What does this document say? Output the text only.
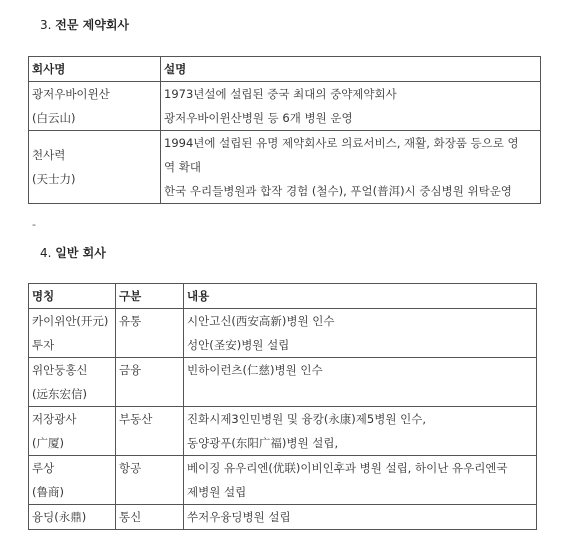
3. 전문 제약회사
회사명	설명

광저우바이윈산
(白云山)	1973년설에 설립된 중국 최대의 중약제약회사
광저우바이윈산병원 등 6개 병원 운영

천사력
(天士力)	1994년에 설립된 유명 제약회사로 의료서비스, 재활, 화장품 등으로 영
역 확대
한국 우리들병원과 합작 경험 (철수), 푸얼(普洱)시 중심병원 위탁운영
-
4. 일반 회사
명칭	구분	내용

카이위안(开元)
투자	유통	시안고신(西安高新)병원 인수
성안(圣安)병원 설립

위안둥홍신
(远东宏信)	금융	빈하이런츠(仁慈)병원 인수

저장광사
(广厦)	부동산	진화시제3인민병원 및 융캉(永康)제5병원 인수,
동양광푸(东阳广福)병원 설립,

루상
(鲁商)	항공	베이징 유우리엔(优联)이비인후과 병원 설립, 하이난 유우리엔국
제병원 설립

융딩(永鼎)	통신	쑤저우융딩병원 설립
